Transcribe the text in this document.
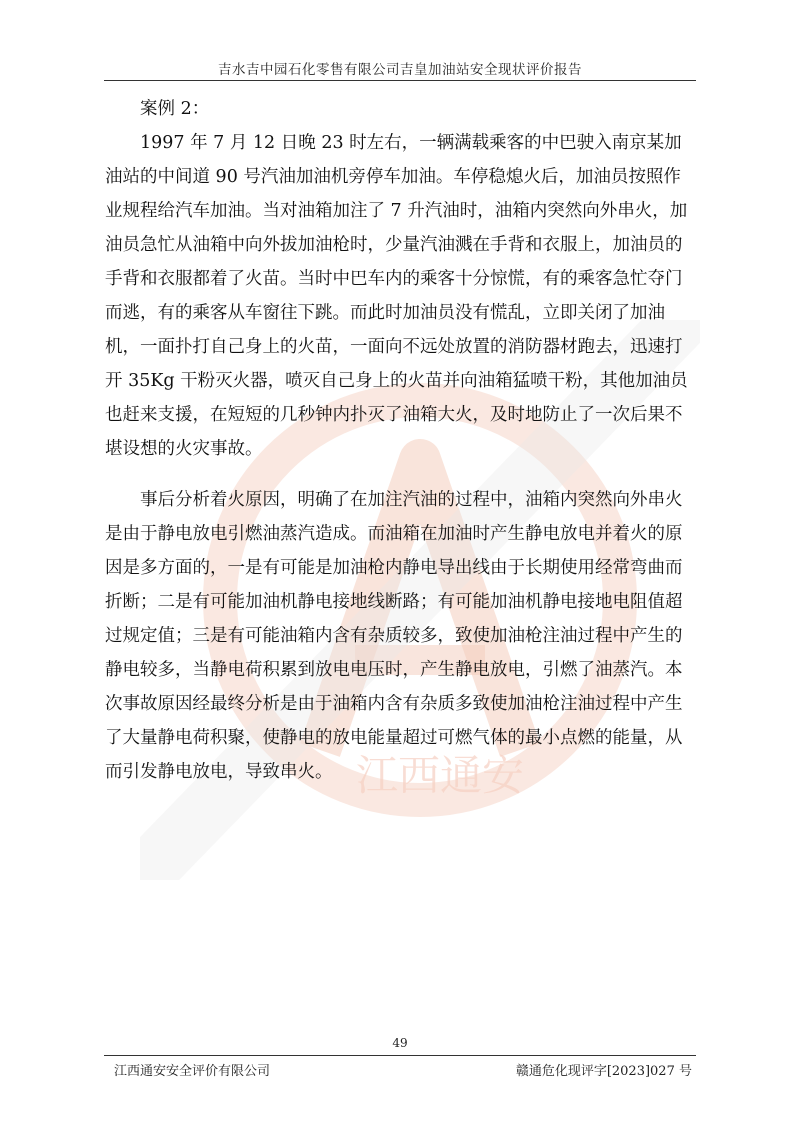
吉水吉中园石化零售有限公司吉皇加油站安全现状评价报告
江西通安

案例 2：

1997 年 7 月 12 日晚 23 时左右，一辆满载乘客的中巴驶入南京某加油站的中间道 90 号汽油加油机旁停车加油。车停稳熄火后，加油员按照作业规程给汽车加油。当对油箱加注了 7 升汽油时，油箱内突然向外串火，加油员急忙从油箱中向外拔加油枪时，少量汽油溅在手背和衣服上，加油员的手背和衣服都着了火苗。当时中巴车内的乘客十分惊慌，有的乘客急忙夺门而逃，有的乘客从车窗往下跳。而此时加油员没有慌乱，立即关闭了加油机，一面扑打自己身上的火苗，一面向不远处放置的消防器材跑去，迅速打开 35Kg 干粉灭火器，喷灭自己身上的火苗并向油箱猛喷干粉，其他加油员也赶来支援，在短短的几秒钟内扑灭了油箱大火，及时地防止了一次后果不堪设想的火灾事故。

事后分析着火原因，明确了在加注汽油的过程中，油箱内突然向外串火是由于静电放电引燃油蒸汽造成。而油箱在加油时产生静电放电并着火的原因是多方面的，一是有可能是加油枪内静电导出线由于长期使用经常弯曲而折断；二是有可能加油机静电接地线断路；有可能加油机静电接地电阻值超过规定值；三是有可能油箱内含有杂质较多，致使加油枪注油过程中产生的静电较多，当静电荷积累到放电电压时，产生静电放电，引燃了油蒸汽。本次事故原因经最终分析是由于油箱内含有杂质多致使加油枪注油过程中产生了大量静电荷积聚，使静电的放电能量超过可燃气体的最小点燃的能量，从而引发静电放电，导致串火。

49
江西通安安全评价有限公司	赣通危化现评字[2023]027 号
